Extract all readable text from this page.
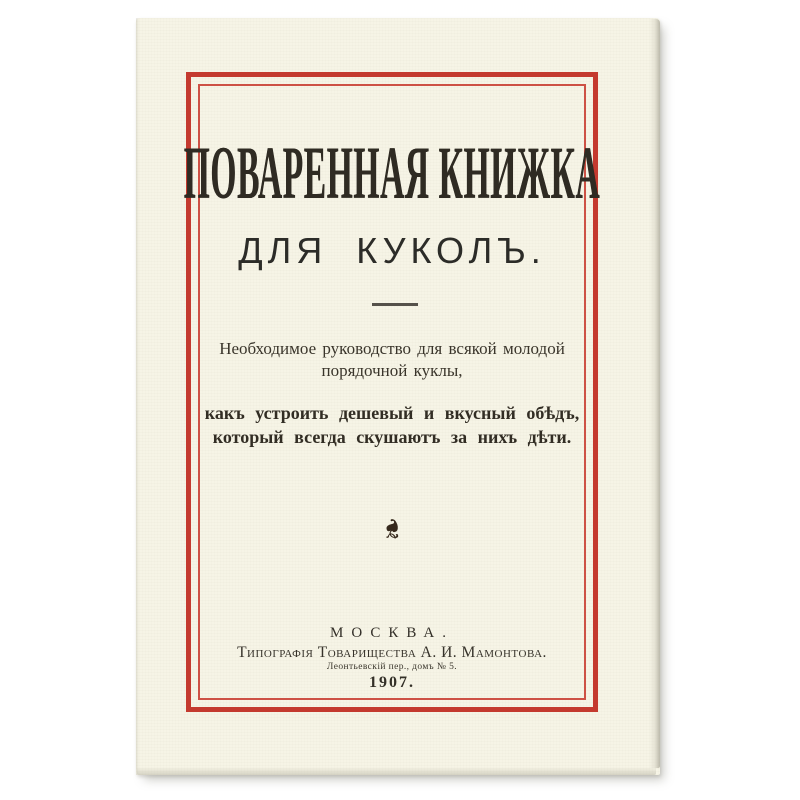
ПОВАРЕННАЯ КНИЖКА
ДЛЯ КУКОЛЪ.
Необходимое руководство для всякой молодой
порядочной куклы,
какъ устроить дешевый и вкусный обѣдъ,
который всегда скушаютъ за нихъ дѣти.
❧
МОСКВА.
Типографія Товарищества А. И. Мамонтова.
Леонтьевскій пер., домъ № 5.
1907.
